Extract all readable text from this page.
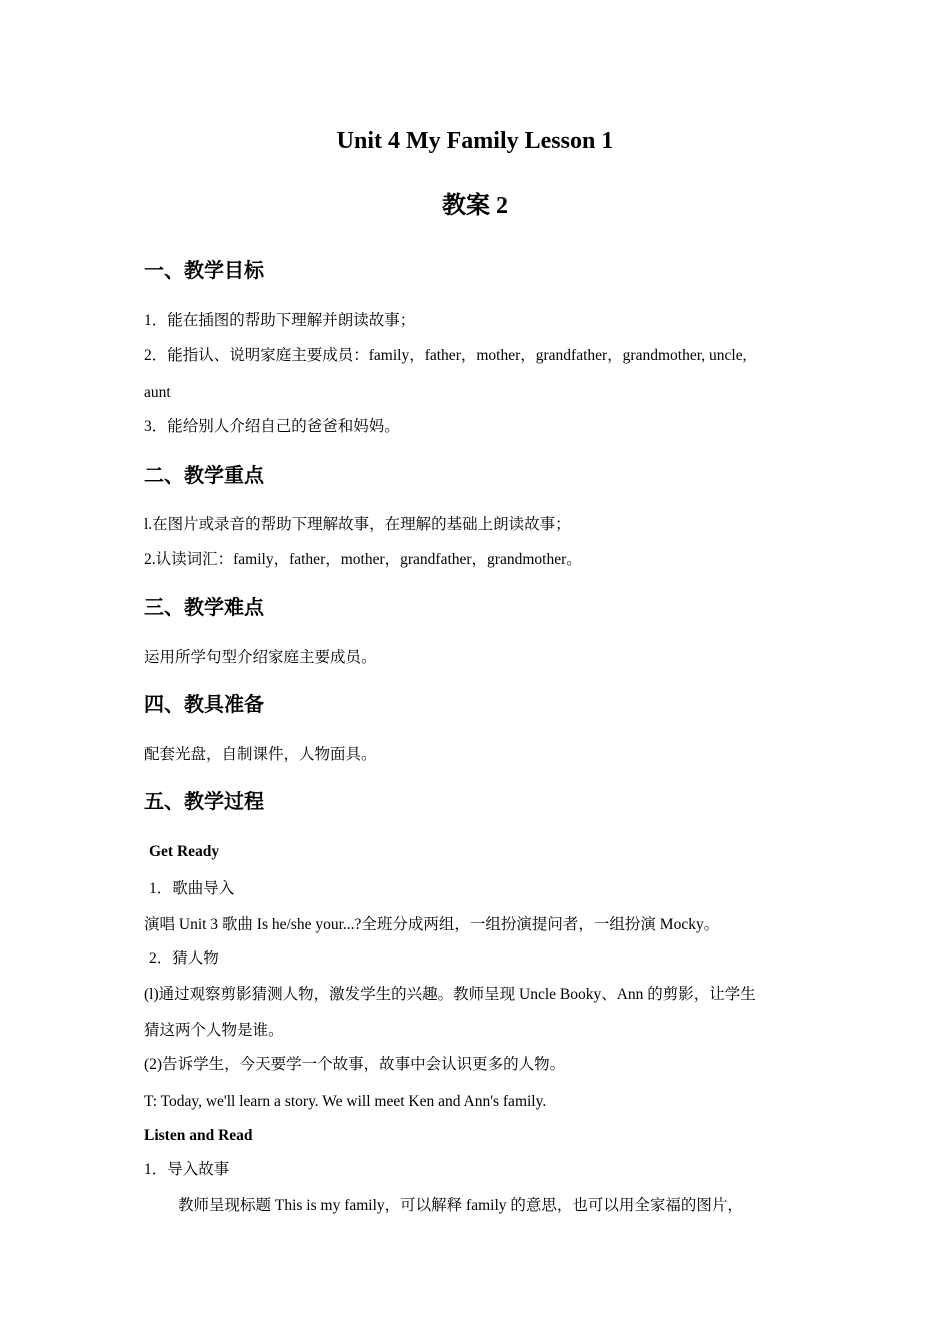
Unit 4 My Family Lesson 1
教案 2
一、教学目标
1．能在插图的帮助下理解并朗读故事；
2．能指认、说明家庭主要成员：family，father，mother，grandfather，grandmother, uncle,
aunt
3．能给别人介绍自己的爸爸和妈妈。
二、教学重点
l.在图片或录音的帮助下理解故事，在理解的基础上朗读故事；
2.认读词汇：family，father，mother，grandfather，grandmother。
三、教学难点
运用所学句型介绍家庭主要成员。
四、教具准备
配套光盘，自制课件，人物面具。
五、教学过程
Get Ready
1．歌曲导入
演唱 Unit 3 歌曲 Is he/she your...?全班分成两组，一组扮演提问者，一组扮演 Mocky。
2．猜人物
(l)通过观察剪影猜测人物，激发学生的兴趣。教师呈现 Uncle Booky、Ann 的剪影，让学生
猜这两个人物是谁。
(2)告诉学生，今天要学一个故事，故事中会认识更多的人物。
T: Today, we'll learn a story. We will meet Ken and Ann's family.
Listen and Read
1．导入故事
教师呈现标题 This is my family，可以解释 family 的意思，也可以用全家福的图片，
